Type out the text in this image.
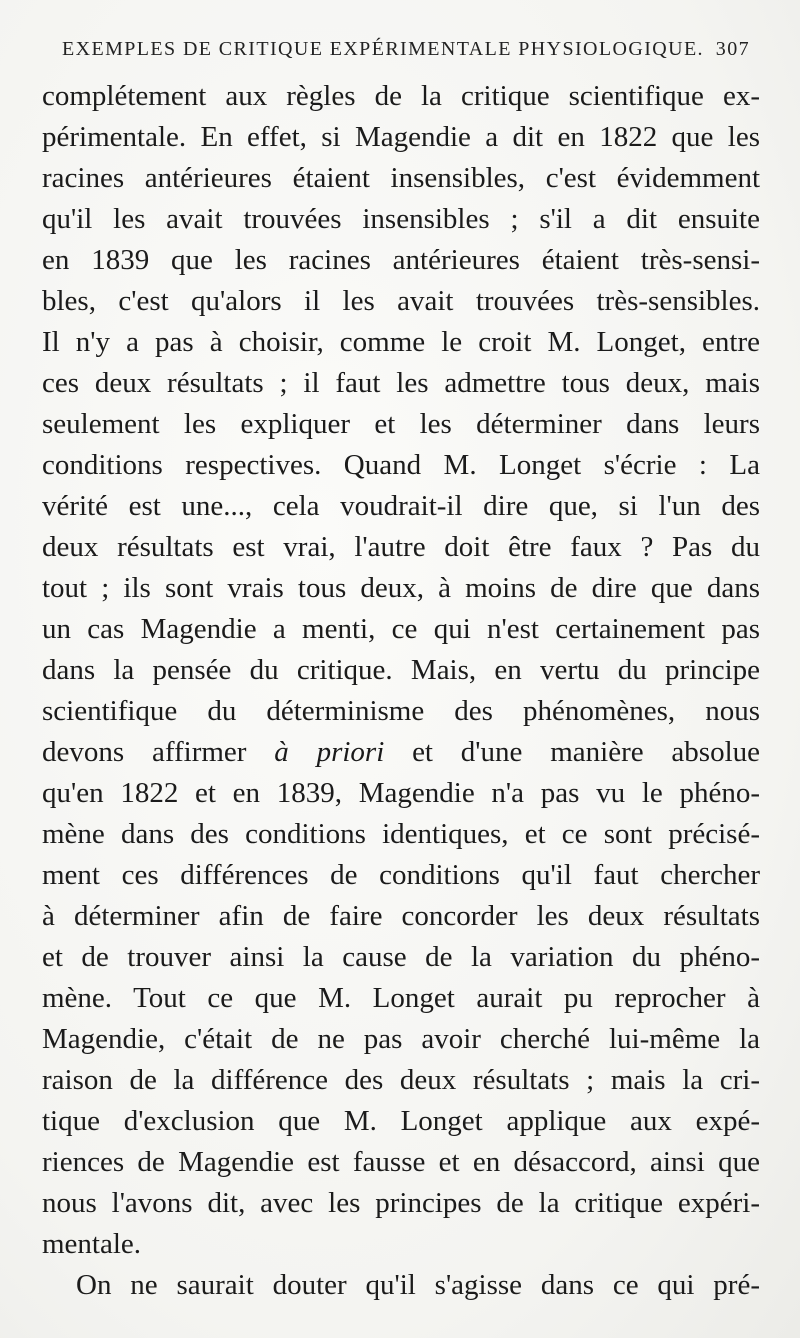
EXEMPLES DE CRITIQUE EXPÉRIMENTALE PHYSIOLOGIQUE. 307
complétement aux règles de la critique scientifique ex-
périmentale. En effet, si Magendie a dit en 1822 que les
racines antérieures étaient insensibles, c'est évidemment
qu'il les avait trouvées insensibles ; s'il a dit ensuite
en 1839 que les racines antérieures étaient très-sensi-
bles, c'est qu'alors il les avait trouvées très-sensibles.
Il n'y a pas à choisir, comme le croit M. Longet, entre
ces deux résultats ; il faut les admettre tous deux, mais
seulement les expliquer et les déterminer dans leurs
conditions respectives. Quand M. Longet s'écrie : La
vérité est une..., cela voudrait-il dire que, si l'un des
deux résultats est vrai, l'autre doit être faux ? Pas du
tout ; ils sont vrais tous deux, à moins de dire que dans
un cas Magendie a menti, ce qui n'est certainement pas
dans la pensée du critique. Mais, en vertu du principe
scientifique du déterminisme des phénomènes, nous
devons affirmer à priori et d'une manière absolue
qu'en 1822 et en 1839, Magendie n'a pas vu le phéno-
mène dans des conditions identiques, et ce sont précisé-
ment ces différences de conditions qu'il faut chercher
à déterminer afin de faire concorder les deux résultats
et de trouver ainsi la cause de la variation du phéno-
mène. Tout ce que M. Longet aurait pu reprocher à
Magendie, c'était de ne pas avoir cherché lui-même la
raison de la différence des deux résultats ; mais la cri-
tique d'exclusion que M. Longet applique aux expé-
riences de Magendie est fausse et en désaccord, ainsi que
nous l'avons dit, avec les principes de la critique expéri-
mentale.
On ne saurait douter qu'il s'agisse dans ce qui pré-
